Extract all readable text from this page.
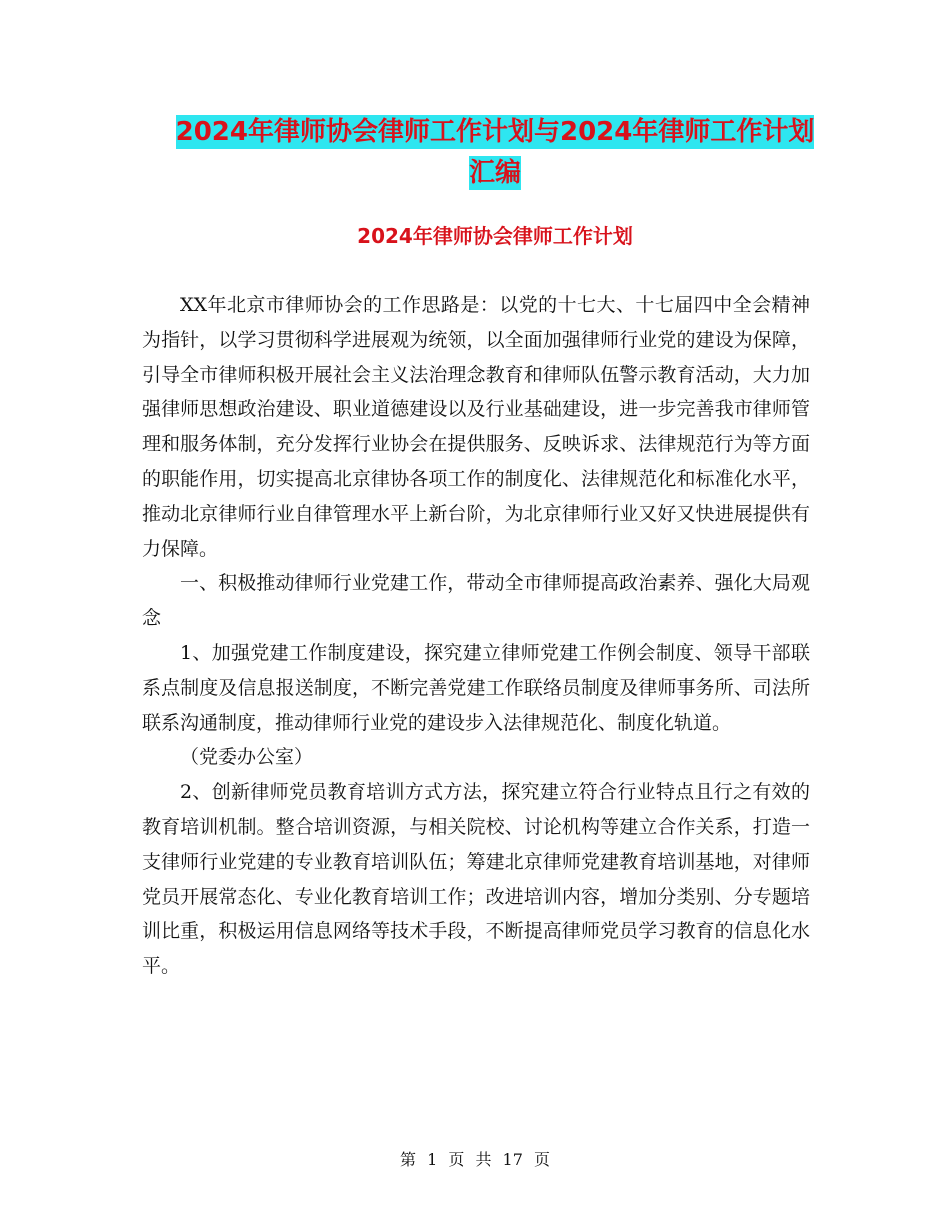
2024年律师协会律师工作计划与2024年律师工作计划
汇编
2024年律师协会律师工作计划

XX年北京市律师协会的工作思路是：以党的十七大、十七届四中全会精神为指针，以学习贯彻科学进展观为统领，以全面加强律师行业党的建设为保障，引导全市律师积极开展社会主义法治理念教育和律师队伍警示教育活动，大力加强律师思想政治建设、职业道德建设以及行业基础建设，进一步完善我市律师管理和服务体制，充分发挥行业协会在提供服务、反映诉求、法律规范行为等方面的职能作用，切实提高北京律协各项工作的制度化、法律规范化和标准化水平，推动北京律师行业自律管理水平上新台阶，为北京律师行业又好又快进展提供有力保障。

一、积极推动律师行业党建工作，带动全市律师提高政治素养、强化大局观念

1、加强党建工作制度建设，探究建立律师党建工作例会制度、领导干部联系点制度及信息报送制度，不断完善党建工作联络员制度及律师事务所、司法所联系沟通制度，推动律师行业党的建设步入法律规范化、制度化轨道。

（党委办公室）

2、创新律师党员教育培训方式方法，探究建立符合行业特点且行之有效的教育培训机制。整合培训资源，与相关院校、讨论机构等建立合作关系，打造一支律师行业党建的专业教育培训队伍；筹建北京律师党建教育培训基地，对律师党员开展常态化、专业化教育培训工作；改进培训内容，增加分类别、分专题培训比重，积极运用信息网络等技术手段，不断提高律师党员学习教育的信息化水平。

第 1 页 共 17 页
